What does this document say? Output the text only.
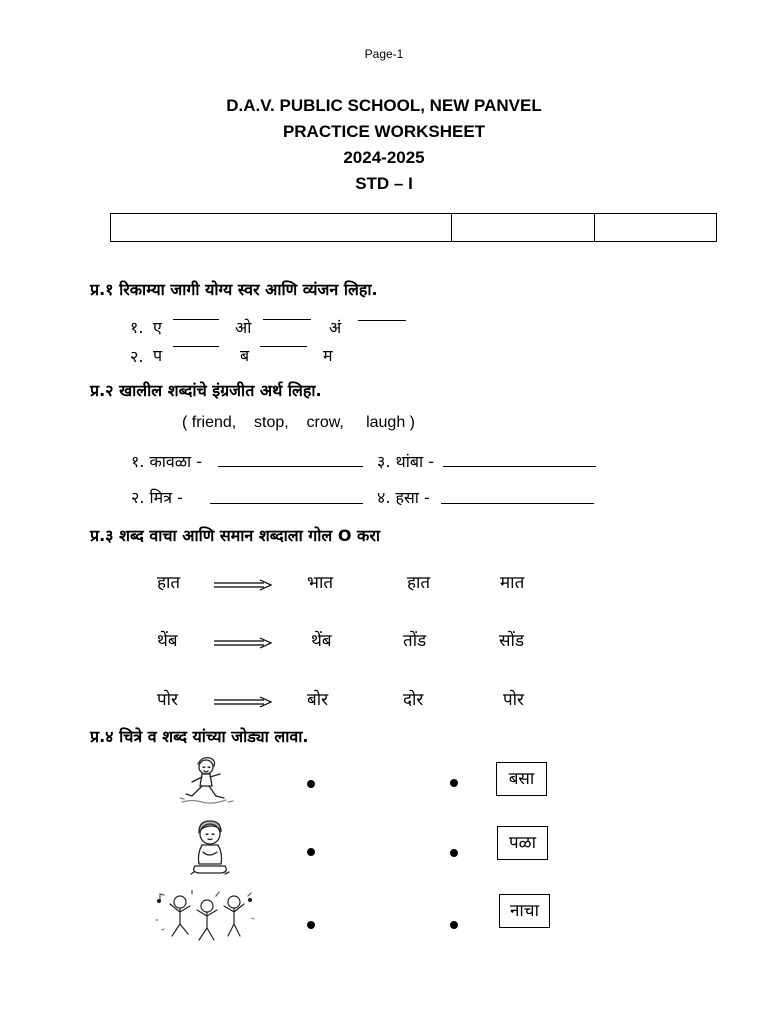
Page-1
D.A.V. PUBLIC SCHOOL, NEW PANVEL
PRACTICE WORKSHEET
2024-2025
STD – I
प्र.१ रिकाम्या जागी योग्य स्वर आणि व्यंजन लिहा.
१. ए	ओ	अं
२. प	ब	म
प्र.२ खालील शब्दांचे इंग्रजीत अर्थ लिहा.
( friend,    stop,    crow,     laugh )
१. कावळा -	३. थांबा -
२. मित्र -	४. हसा -
प्र.३ शब्द वाचा आणि समान शब्दाला गोल O करा
हात	भात	हात	मात
थेंब	थेंब	तोंड	सोंड
पोर	बोर	दोर	पोर
प्र.४ चित्रे व शब्द यांच्या जोड्या लावा.
बसा
पळा
नाचा
